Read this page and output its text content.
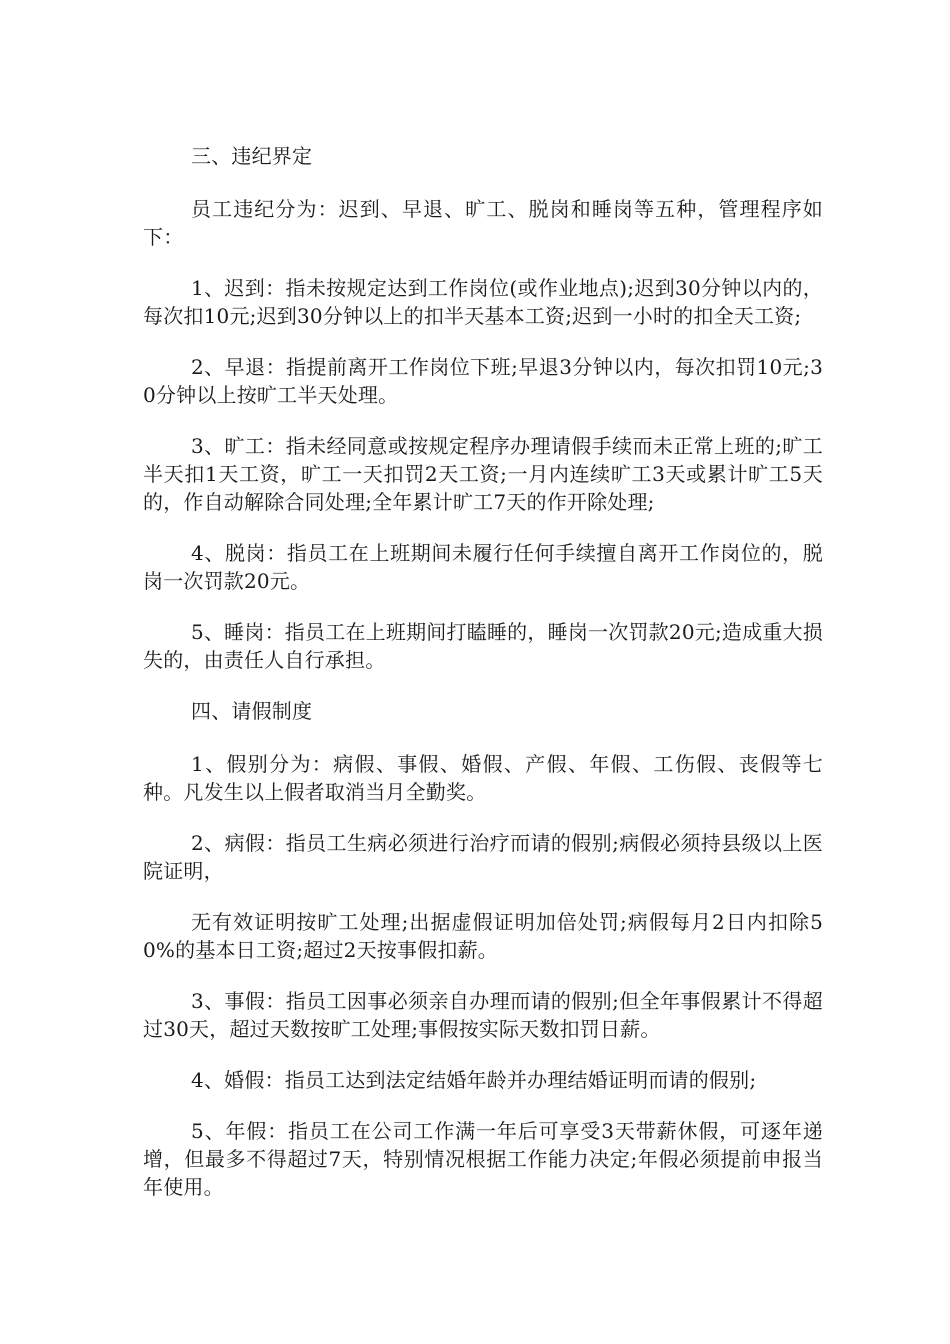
三、违纪界定

员工违纪分为：迟到、早退、旷工、脱岗和睡岗等五种，管理程序如下：

1、迟到：指未按规定达到工作岗位(或作业地点);迟到30分钟以内的，每次扣10元;迟到30分钟以上的扣半天基本工资;迟到一小时的扣全天工资;

2、早退：指提前离开工作岗位下班;早退3分钟以内，每次扣罚10元;30分钟以上按旷工半天处理。

3、旷工：指未经同意或按规定程序办理请假手续而未正常上班的;旷工半天扣1天工资，旷工一天扣罚2天工资;一月内连续旷工3天或累计旷工5天的，作自动解除合同处理;全年累计旷工7天的作开除处理;

4、脱岗：指员工在上班期间未履行任何手续擅自离开工作岗位的，脱岗一次罚款20元。

5、睡岗：指员工在上班期间打瞌睡的，睡岗一次罚款20元;造成重大损失的，由责任人自行承担。

四、请假制度

1、假别分为：病假、事假、婚假、产假、年假、工伤假、丧假等七种。凡发生以上假者取消当月全勤奖。

2、病假：指员工生病必须进行治疗而请的假别;病假必须持县级以上医院证明，

无有效证明按旷工处理;出据虚假证明加倍处罚;病假每月2日内扣除50%的基本日工资;超过2天按事假扣薪。

3、事假：指员工因事必须亲自办理而请的假别;但全年事假累计不得超过30天，超过天数按旷工处理;事假按实际天数扣罚日薪。

4、婚假：指员工达到法定结婚年龄并办理结婚证明而请的假别;

5、年假：指员工在公司工作满一年后可享受3天带薪休假，可逐年递增，但最多不得超过7天，特别情况根据工作能力决定;年假必须提前申报当年使用。
